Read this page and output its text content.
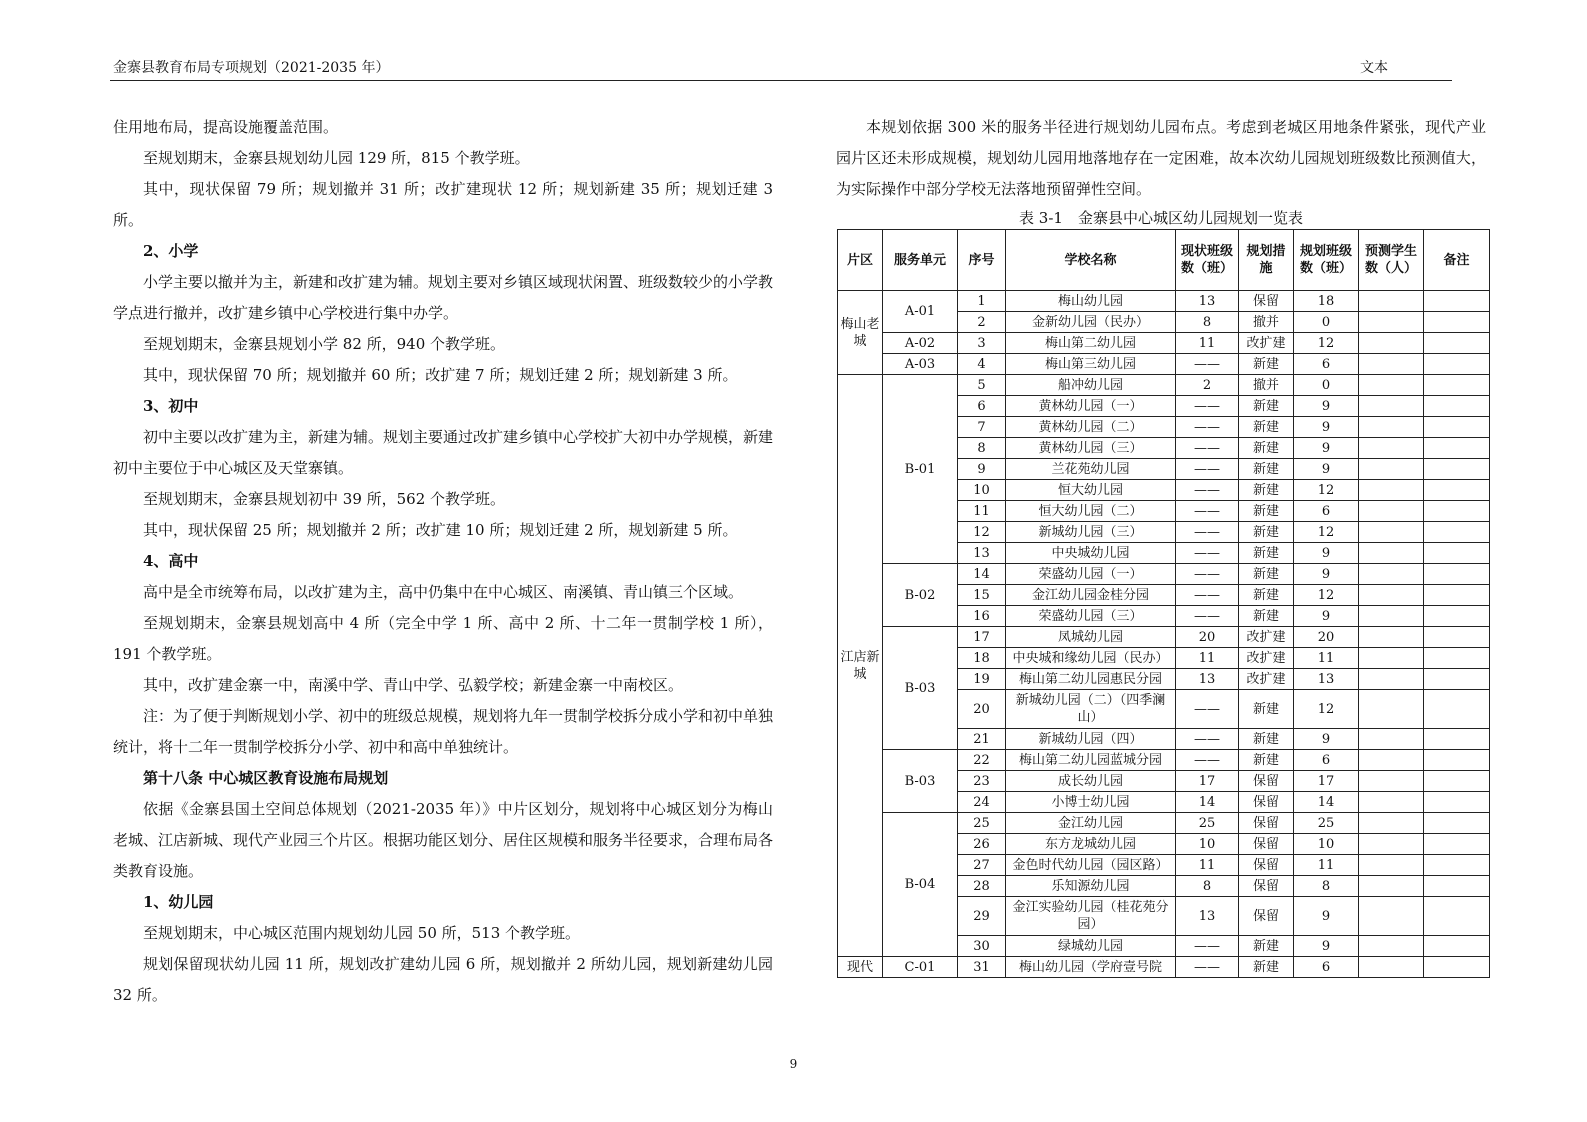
金寨县教育布局专项规划（2021-2035 年）	文本

住用地布局，提高设施覆盖范围。

至规划期末，金寨县规划幼儿园 129 所，815 个教学班。

其中，现状保留 79 所；规划撤并 31 所；改扩建现状 12 所；规划新建 35 所；规划迁建 3 所。

2、小学

小学主要以撤并为主，新建和改扩建为辅。规划主要对乡镇区域现状闲置、班级数较少的小学教学点进行撤并，改扩建乡镇中心学校进行集中办学。

至规划期末，金寨县规划小学 82 所，940 个教学班。

其中，现状保留 70 所；规划撤并 60 所；改扩建 7 所；规划迁建 2 所；规划新建 3 所。

3、初中

初中主要以改扩建为主，新建为辅。规划主要通过改扩建乡镇中心学校扩大初中办学规模，新建初中主要位于中心城区及天堂寨镇。

至规划期末，金寨县规划初中 39 所，562 个教学班。

其中，现状保留 25 所；规划撤并 2 所；改扩建 10 所；规划迁建 2 所，规划新建 5 所。

4、高中

高中是全市统筹布局，以改扩建为主，高中仍集中在中心城区、南溪镇、青山镇三个区域。

至规划期末，金寨县规划高中 4 所（完全中学 1 所、高中 2 所、十二年一贯制学校 1 所），191 个教学班。

其中，改扩建金寨一中，南溪中学、青山中学、弘毅学校；新建金寨一中南校区。

注：为了便于判断规划小学、初中的班级总规模，规划将九年一贯制学校拆分成小学和初中单独统计，将十二年一贯制学校拆分小学、初中和高中单独统计。

第十八条 中心城区教育设施布局规划

依据《金寨县国土空间总体规划（2021-2035 年）》中片区划分，规划将中心城区划分为梅山老城、江店新城、现代产业园三个片区。根据功能区划分、居住区规模和服务半径要求，合理布局各类教育设施。

1、幼儿园

至规划期末，中心城区范围内规划幼儿园 50 所，513 个教学班。

规划保留现状幼儿园 11 所，规划改扩建幼儿园 6 所，规划撤并 2 所幼儿园，规划新建幼儿园 32 所。

本规划依据 300 米的服务半径进行规划幼儿园布点。考虑到老城区用地条件紧张，现代产业园片区还未形成规模，规划幼儿园用地落地存在一定困难，故本次幼儿园规划班级数比预测值大，为实际操作中部分学校无法落地预留弹性空间。

表 3-1　金寨县中心城区幼儿园规划一览表
片区	服务单元	序号	学校名称	现状班级数（班）	规划措施	规划班级数（班）	预测学生数（人）	备注
梅山老城	A-01	1	梅山幼儿园	13	保留	18		
		2	金新幼儿园（民办）	8	撤并	0		
	A-02	3	梅山第二幼儿园	11	改扩建	12		
	A-03	4	梅山第三幼儿园	——	新建	6		
江店新城	B-01	5	船冲幼儿园	2	撤并	0		
		6	黄林幼儿园（一）	——	新建	9		
		7	黄林幼儿园（二）	——	新建	9		
		8	黄林幼儿园（三）	——	新建	9		
		9	兰花苑幼儿园	——	新建	9		
		10	恒大幼儿园	——	新建	12		
		11	恒大幼儿园（二）	——	新建	6		
		12	新城幼儿园（三）	——	新建	12		
		13	中央城幼儿园	——	新建	9		
	B-02	14	荣盛幼儿园（一）	——	新建	9		
		15	金江幼儿园金桂分园	——	新建	12		
		16	荣盛幼儿园（三）	——	新建	9		
	B-03	17	凤城幼儿园	20	改扩建	20		
		18	中央城和缘幼儿园（民办）	11	改扩建	11		
		19	梅山第二幼儿园惠民分园	13	改扩建	13		
		20	新城幼儿园（二）（四季澜山）	——	新建	12		
		21	新城幼儿园（四）	——	新建	9		
	B-03	22	梅山第二幼儿园蓝城分园	——	新建	6		
		23	成长幼儿园	17	保留	17		
		24	小博士幼儿园	14	保留	14		
	B-04	25	金江幼儿园	25	保留	25		
		26	东方龙城幼儿园	10	保留	10		
		27	金色时代幼儿园（园区路）	11	保留	11		
		28	乐知源幼儿园	8	保留	8		
		29	金江实验幼儿园（桂花苑分园）	13	保留	9		
		30	绿城幼儿园	——	新建	9		
现代	C-01	31	梅山幼儿园（学府壹号院	——	新建	6		
9
